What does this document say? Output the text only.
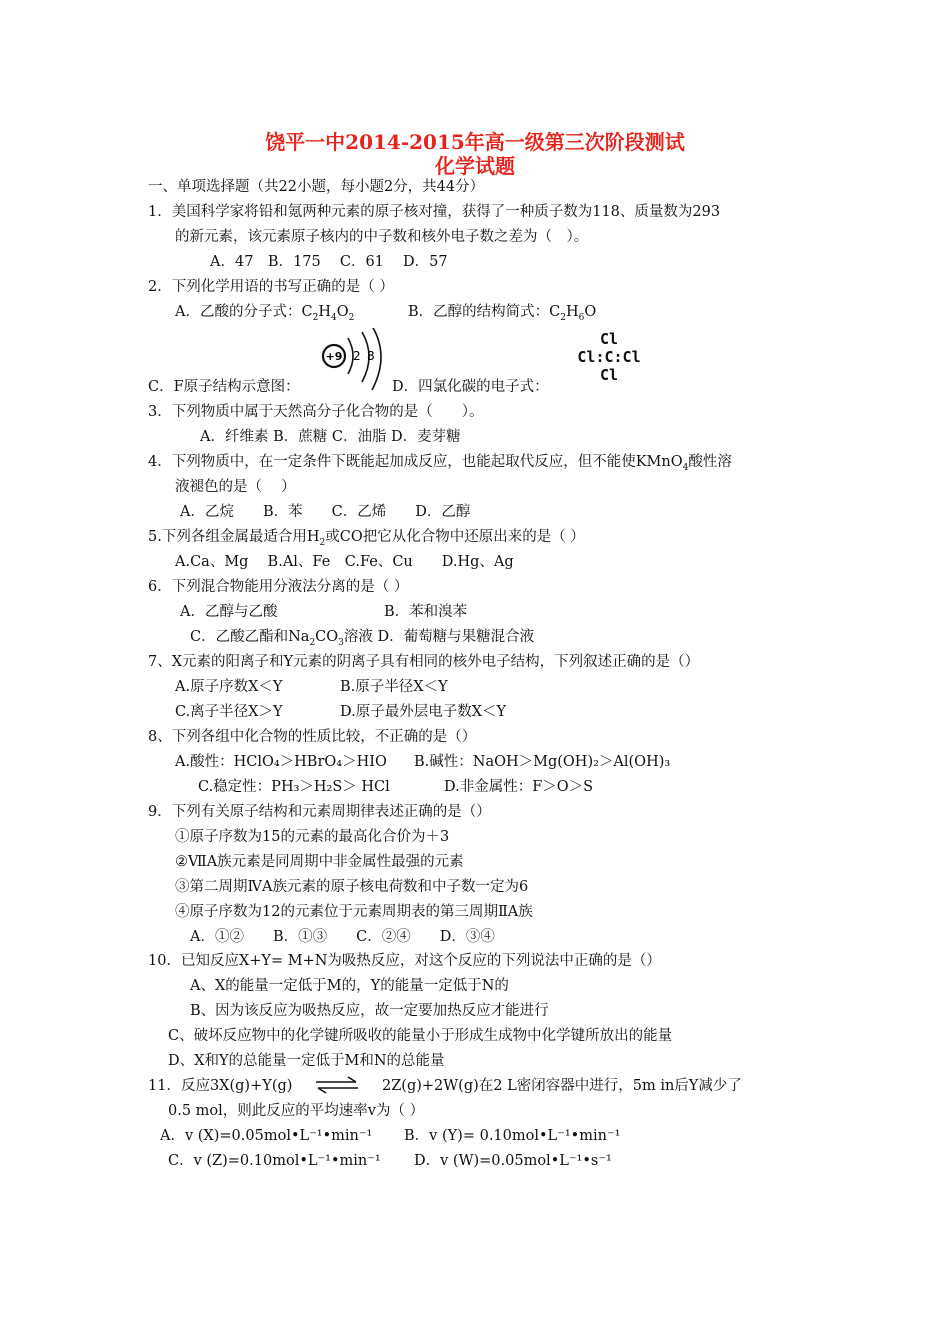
饶平一中2014-2015年高一级第三次阶段测试
化学试题
一、单项选择题（共22小题，每小题2分，共44分）
1．美国科学家将铅和氪两种元素的原子核对撞，获得了一种质子数为118、质量数为293
的新元素，该元素原子核内的中子数和核外电子数之差为（　）。
A．47　B．175　 C．61　 D．57
2．下列化学用语的书写正确的是（ ）
A．乙酸的分子式：$C_2H_4O_2$	B．乙醇的结构简式：$C_2H_6O$
+9 2 8
Cl
Cl:C:Cl
Cl
C．F原子结构示意图：	D．四氯化碳的电子式：
3．下列物质中属于天然高分子化合物的是（　　）。
A．纤维素 B．蔗糖 C．油脂 D．麦芽糖
4．下列物质中，在一定条件下既能起加成反应，也能起取代反应，但不能使KMnO$_4$酸性溶
液褪色的是（　 ）
A．乙烷　　B．苯　　C．乙烯　　D．乙醇
5.下列各组金属最适合用$H_2$或CO把它从化合物中还原出来的是（ ）
A.Ca、Mg　 B.Al、Fe　C.Fe、Cu　　D.Hg、Ag
6．下列混合物能用分液法分离的是（ ）
A．乙醇与乙酸	B．苯和溴苯
C．乙酸乙酯和$Na_2CO_3$溶液 D．葡萄糖与果糖混合液
7、X元素的阳离子和Y元素的阴离子具有相同的核外电子结构，下列叙述正确的是（）
A.原子序数X＜Y	B.原子半径X＜Y
C.离子半径X＞Y	D.原子最外层电子数X＜Y
8、下列各组中化合物的性质比较，不正确的是（）
A.酸性：HClO₄＞HBrO₄＞HIO B.碱性：NaOH＞Mg(OH)₂＞Al(OH)₃
C.稳定性：PH₃＞H₂S＞ HCl	D.非金属性：F＞O＞S
9．下列有关原子结构和元素周期律表述正确的是（）
①原子序数为15的元素的最高化合价为＋3
②ⅦA族元素是同周期中非金属性最强的元素
③第二周期ⅣA族元素的原子核电荷数和中子数一定为6
④原子序数为12的元素位于元素周期表的第三周期ⅡA族
A．①②　　B．①③　　C．②④　　D．③④
10．已知反应X+Y= M+N为吸热反应，对这个反应的下列说法中正确的是（）
A、X的能量一定低于M的，Y的能量一定低于N的
B、因为该反应为吸热反应，故一定要加热反应才能进行
C、破坏反应物中的化学键所吸收的能量小于形成生成物中化学键所放出的能量
D、X和Y的总能量一定低于M和N的总能量
11．反应3X(g)+Y(g) ⇌ 2Z(g)+2W(g)在2 L密闭容器中进行，5m in后Y减少了
0.5 mol，则此反应的平均速率v为（ ）
A．v (X)=0.05mol•L⁻¹•min⁻¹ B．v (Y)= 0.10mol•L⁻¹•min⁻¹
C．v (Z)=0.10mol•L⁻¹•min⁻¹ D．v (W)=0.05mol•L⁻¹•s⁻¹
